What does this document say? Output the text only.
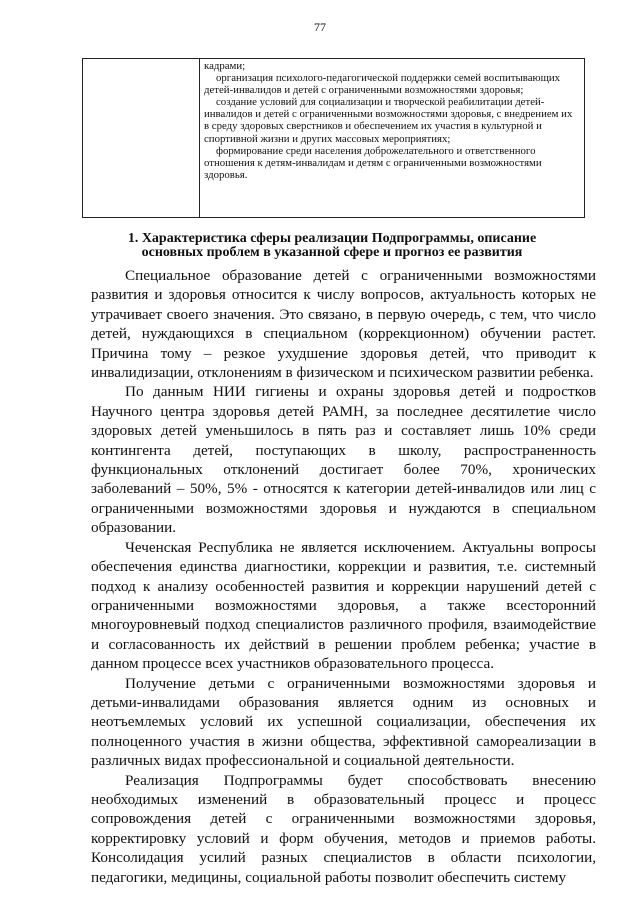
77
кадрами;
организация психолого-педагогической поддержки семей воспитывающих детей-инвалидов и детей с ограниченными возможностями здоровья;
создание условий для социализации и творческой реабилитации детей-инвалидов и детей с ограниченными возможностями здоровья, с внедрением их в среду здоровых сверстников и обеспечением их участия в культурной и спортивной жизни и других массовых мероприятиях;
формирование среди населения доброжелательного и ответственного отношения к детям-инвалидам и детям с ограниченными возможностями здоровья.
1. Характеристика сферы реализации Подпрограммы, описание
основных проблем в указанной сфере и прогноз ее развития

Специальное образование детей с ограниченными возможностями развития и здоровья относится к числу вопросов, актуальность которых не утрачивает своего значения. Это связано, в первую очередь, с тем, что число детей, нуждающихся в специальном (коррекционном) обучении растет. Причина тому – резкое ухудшение здоровья детей, что приводит к инвалидизации, отклонениям в физическом и психическом развитии ребенка.

По данным НИИ гигиены и охраны здоровья детей и подростков Научного центра здоровья детей РАМН, за последнее десятилетие число здоровых детей уменьшилось в пять раз и составляет лишь 10% среди контингента детей, поступающих в школу, распространенность функциональных отклонений достигает более 70%, хронических заболеваний – 50%, 5% - относятся к категории детей-инвалидов или лиц с ограниченными возможностями здоровья и нуждаются в специальном образовании.

Чеченская Республика не является исключением. Актуальны вопросы обеспечения единства диагностики, коррекции и развития, т.е. системный подход к анализу особенностей развития и коррекции нарушений детей с ограниченными возможностями здоровья, а также всесторонний многоуровневый подход специалистов различного профиля, взаимодействие и согласованность их действий в решении проблем ребенка; участие в данном процессе всех участников образовательного процесса.

Получение детьми с ограниченными возможностями здоровья и детьми-инвалидами образования является одним из основных и неотъемлемых условий их успешной социализации, обеспечения их полноценного участия в жизни общества, эффективной самореализации в различных видах профессиональной и социальной деятельности.

Реализация Подпрограммы будет способствовать внесению необходимых изменений в образовательный процесс и процесс сопровождения детей с ограниченными возможностями здоровья, корректировку условий и форм обучения, методов и приемов работы. Консолидация усилий разных специалистов в области психологии, педагогики, медицины, социальной работы позволит обеспечить систему
